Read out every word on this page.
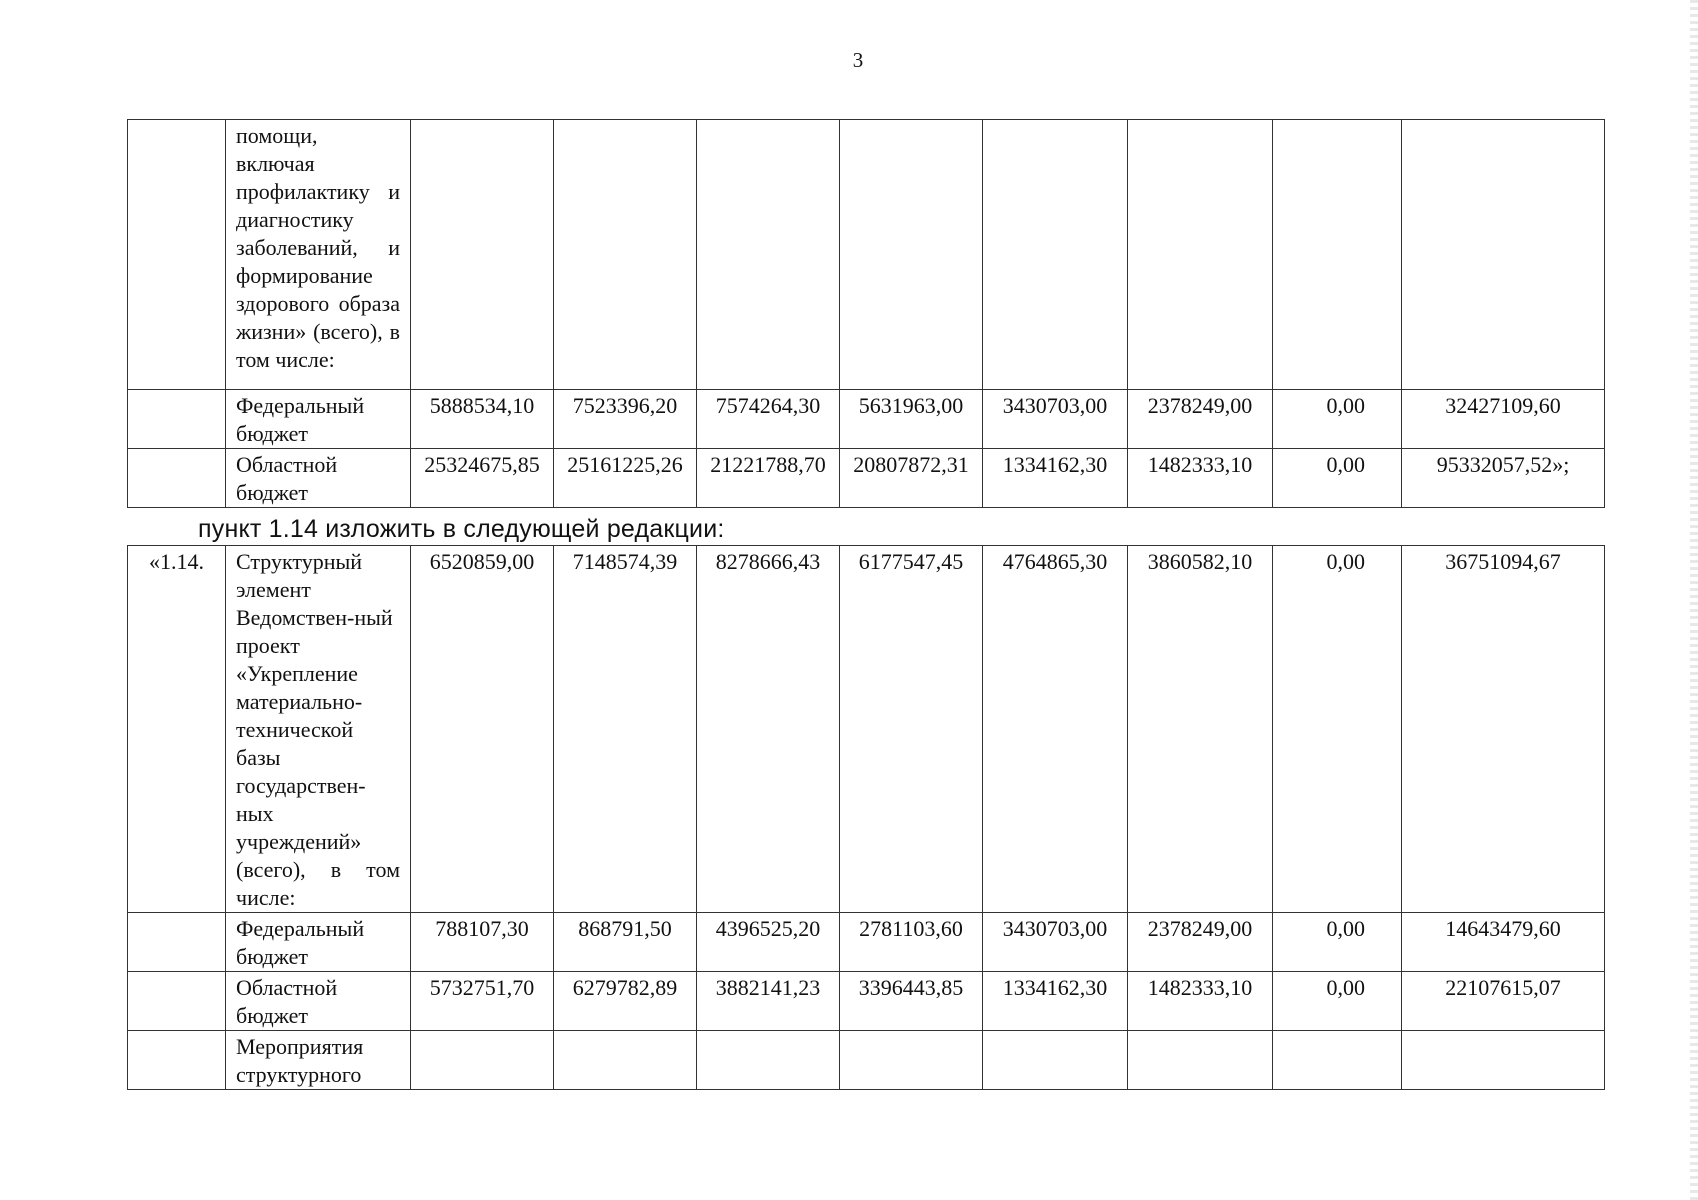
3
	помощи, включая профилактику и диагностику заболеваний, и формирование здорового образа жизни» (всего), в том числе:								
	Федеральный бюджет	5888534,10	7523396,20	7574264,30	5631963,00	3430703,00	2378249,00	0,00	32427109,60
	Областной бюджет	25324675,85	25161225,26	21221788,70	20807872,31	1334162,30	1482333,10	0,00	95332057,52»;
пункт 1.14 изложить в следующей редакции:
«1.14.	Структурный элемент Ведомствен-ный проект «Укрепление материально-технической базы государствен-ных учреждений» (всего), в том числе:	6520859,00	7148574,39	8278666,43	6177547,45	4764865,30	3860582,10	0,00	36751094,67
	Федеральный бюджет	788107,30	868791,50	4396525,20	2781103,60	3430703,00	2378249,00	0,00	14643479,60
	Областной бюджет	5732751,70	6279782,89	3882141,23	3396443,85	1334162,30	1482333,10	0,00	22107615,07
	Мероприятия структурного								
